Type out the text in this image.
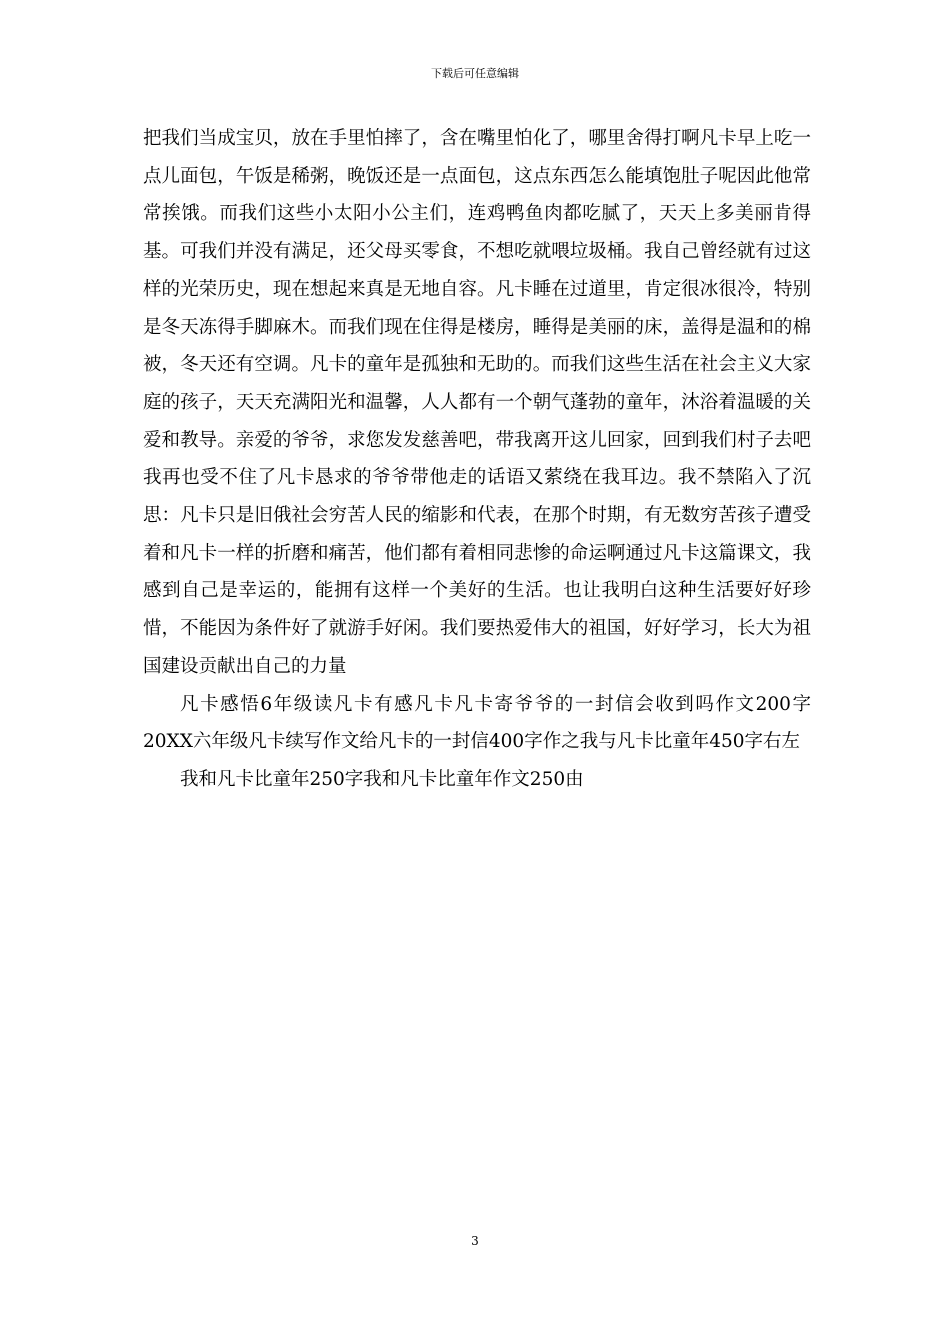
下载后可任意编辑

把我们当成宝贝，放在手里怕摔了，含在嘴里怕化了，哪里舍得打啊凡卡早上吃一点儿面包，午饭是稀粥，晚饭还是一点面包，这点东西怎么能填饱肚子呢因此他常常挨饿。而我们这些小太阳小公主们，连鸡鸭鱼肉都吃腻了，天天上多美丽肯得基。可我们并没有满足，还父母买零食，不想吃就喂垃圾桶。我自己曾经就有过这样的光荣历史，现在想起来真是无地自容。凡卡睡在过道里，肯定很冰很冷，特别是冬天冻得手脚麻木。而我们现在住得是楼房，睡得是美丽的床，盖得是温和的棉被，冬天还有空调。凡卡的童年是孤独和无助的。而我们这些生活在社会主义大家庭的孩子，天天充满阳光和温馨，人人都有一个朝气蓬勃的童年，沐浴着温暖的关爱和教导。亲爱的爷爷，求您发发慈善吧，带我离开这儿回家，回到我们村子去吧我再也受不住了凡卡恳求的爷爷带他走的话语又萦绕在我耳边。我不禁陷入了沉思：凡卡只是旧俄社会穷苦人民的缩影和代表，在那个时期，有无数穷苦孩子遭受着和凡卡一样的折磨和痛苦，他们都有着相同悲惨的命运啊通过凡卡这篇课文，我感到自己是幸运的，能拥有这样一个美好的生活。也让我明白这种生活要好好珍惜，不能因为条件好了就游手好闲。我们要热爱伟大的祖国，好好学习，长大为祖国建设贡献出自己的力量

凡卡感悟6年级读凡卡有感凡卡凡卡寄爷爷的一封信会收到吗作文200字20XX六年级凡卡续写作文给凡卡的一封信400字作之我与凡卡比童年450字右左

我和凡卡比童年250字我和凡卡比童年作文250由

3
